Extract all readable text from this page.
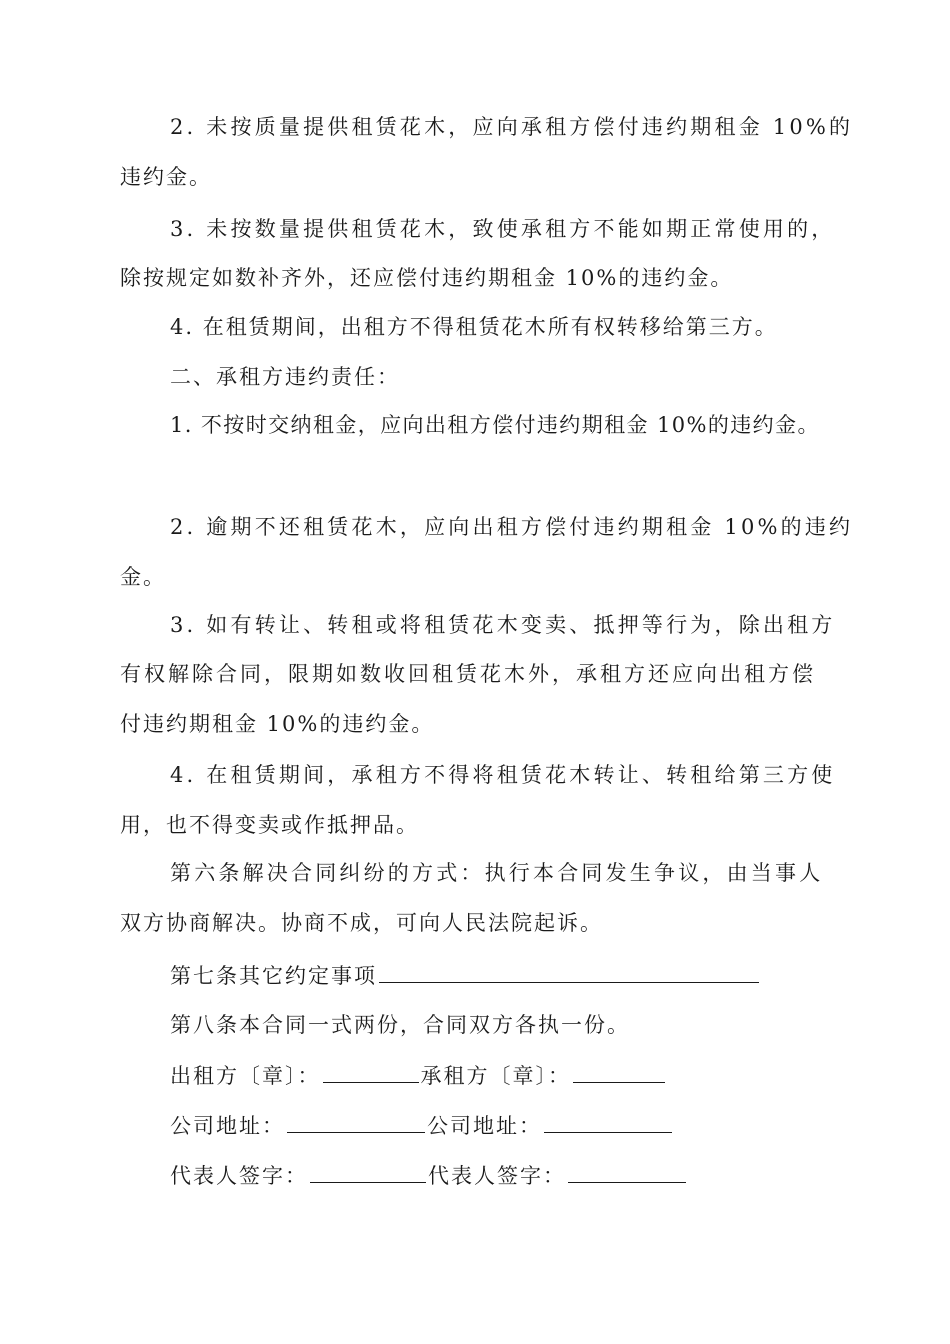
2. 未按质量提供租赁花木，应向承租方偿付违约期租金 10%的
违约金。
3. 未按数量提供租赁花木，致使承租方不能如期正常使用的，
除按规定如数补齐外，还应偿付违约期租金 10%的违约金。
4. 在租赁期间，出租方不得租赁花木所有权转移给第三方。
二、承租方违约责任：
1. 不按时交纳租金，应向出租方偿付违约期租金 10%的违约金。
2. 逾期不还租赁花木，应向出租方偿付违约期租金 10%的违约
金。
3. 如有转让、转租或将租赁花木变卖、抵押等行为，除出租方
有权解除合同，限期如数收回租赁花木外，承租方还应向出租方偿
付违约期租金 10%的违约金。
4. 在租赁期间，承租方不得将租赁花木转让、转租给第三方使
用，也不得变卖或作抵押品。
第六条解决合同纠纷的方式：执行本合同发生争议，由当事人
双方协商解决。协商不成，可向人民法院起诉。
第七条其它约定事项
第八条本合同一式两份，合同双方各执一份。
出租方〔章〕：	承租方〔章〕：
公司地址：	公司地址：
代表人签字：	代表人签字：
